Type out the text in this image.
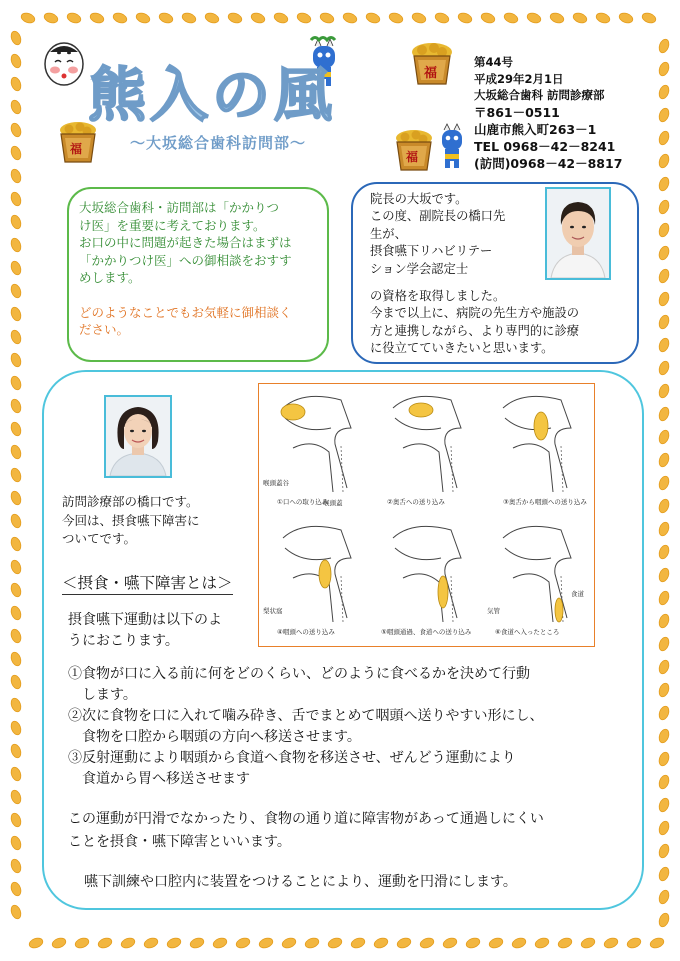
福
福
福
熊入の風
～大坂総合歯科訪問部～
第44号
平成29年2月1日
大坂総合歯科 訪問診療部
〒861－0511
山鹿市熊入町263－1
TEL 0968－42－8241
(訪問)0968－42－8817
大坂総合歯科・訪問部は「かかりつ
け医」を重要に考えております。
お口の中に問題が起きた場合はまずは
「かかりつけ医」への御相談をおすす
めします。
どのようなことでもお気軽に御相談く
ださい。
院長の大坂です。
この度、副院長の橋口先
生が、
摂食嚥下リハビリテー
ション学会認定士
の資格を取得しました。
今まで以上に、病院の先生方や施設の
方と連携しながら、より専門的に診療
に役立てていきたいと思います。
訪問診療部の橋口です。
今回は、摂食嚥下障害に
ついてです。
＜摂食・嚥下障害とは＞
摂食嚥下運動は以下のよ
うにおこります。
①食物が口に入る前に何をどのくらい、どのように食べるかを決めて行動
　します。
②次に食物を口に入れて噛み砕き、舌でまとめて咽頭へ送りやすい形にし、
　食物を口腔から咽頭の方向へ移送させます。
③反射運動により咽頭から食道へ食物を移送させ、ぜんどう運動により
　食道から胃へ移送させます
この運動が円滑でなかったり、食物の通り道に障害物があって通過しにくい
ことを摂食・嚥下障害といいます。
嚥下訓練や口腔内に装置をつけることにより、運動を円滑にします。
喉頭蓋
喉頭蓋谷
①口への取り込み	②奥舌への送り込み	③奥舌から咽頭への送り込み
梨状窩
食道
気管
④咽頭への送り込み	⑤咽頭通過、食道への送り込み	⑥食道へ入ったところ
